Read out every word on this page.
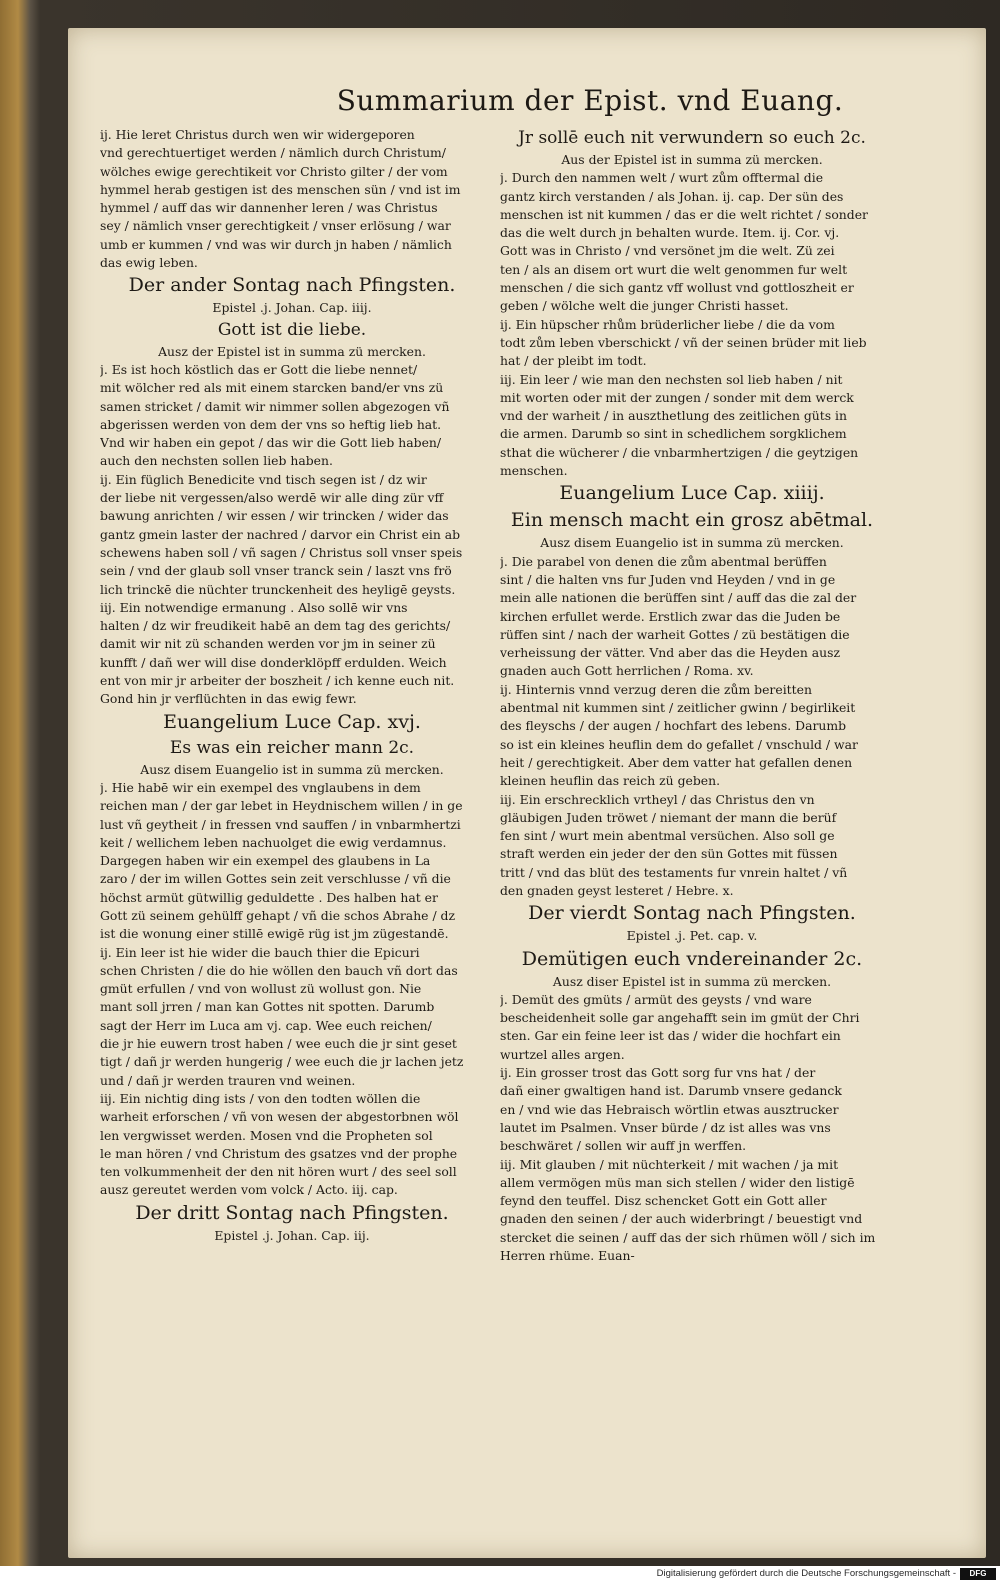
Summarium der Epist. vnd Euang.
ij. Hie leret Christus durch wen wir widergeporen
vnd gerechtuertiget werden / nämlich durch Christum/
wölches ewige gerechtikeit vor Christo gilter / der vom
hymmel herab gestigen ist des menschen sün / vnd ist im
hymmel / auff das wir dannenher leren / was Christus
sey / nämlich vnser gerechtigkeit / vnser erlösung / war
umb er kummen / vnd was wir durch jn haben / nämlich
das ewig leben.
Der ander Sontag nach Pfingsten.
Epistel .j. Johan. Cap. iiij.
Gott ist die liebe.
Ausz der Epistel ist in summa zü mercken.
j. Es ist hoch köstlich das er Gott die liebe nennet/
mit wölcher red als mit einem starcken band/er vns zü
samen stricket / damit wir nimmer sollen abgezogen vñ
abgerissen werden von dem der vns so heftig lieb hat.
Vnd wir haben ein gepot / das wir die Gott lieb haben/
auch den nechsten sollen lieb haben.
ij. Ein füglich Benedicite vnd tisch segen ist / dz wir
der liebe nit vergessen/also werdē wir alle ding zür vff
bawung anrichten / wir essen / wir trincken / wider das
gantz gmein laster der nachred / darvor ein Christ ein ab
schewens haben soll / vñ sagen / Christus soll vnser speis
sein / vnd der glaub soll vnser tranck sein / laszt vns frö
lich trinckē die nüchter trunckenheit des heyligē geysts.
iij. Ein notwendige ermanung . Also sollē wir vns
halten / dz wir freudikeit habē an dem tag des gerichts/
damit wir nit zü schanden werden vor jm in seiner zü
kunfft / dañ wer will dise donderklöpff erdulden. Weich
ent von mir jr arbeiter der boszheit / ich kenne euch nit.
Gond hin jr verflüchten in das ewig fewr.
Euangelium Luce Cap. xvj.
Es was ein reicher mann 2c.
Ausz disem Euangelio ist in summa zü mercken.
j. Hie habē wir ein exempel des vnglaubens in dem
reichen man / der gar lebet in Heydnischem willen / in ge
lust vñ geytheit / in fressen vnd sauffen / in vnbarmhertzi
keit / wellichem leben nachuolget die ewig verdamnus.
Dargegen haben wir ein exempel des glaubens in La
zaro / der im willen Gottes sein zeit verschlusse / vñ die
höchst armüt gütwillig geduldette . Des halben hat er
Gott zü seinem gehülff gehapt / vñ die schos Abrahe / dz
ist die wonung einer stillē ewigē rüg ist jm zügestandē.
ij. Ein leer ist hie wider die bauch thier die Epicuri
schen Christen / die do hie wöllen den bauch vñ dort das
gmüt erfullen / vnd von wollust zü wollust gon. Nie
mant soll jrren / man kan Gottes nit spotten. Darumb
sagt der Herr im Luca am vj. cap. Wee euch reichen/
die jr hie euwern trost haben / wee euch die jr sint geset
tigt / dañ jr werden hungerig / wee euch die jr lachen jetz
und / dañ jr werden trauren vnd weinen.
iij. Ein nichtig ding ists / von den todten wöllen die
warheit erforschen / vñ von wesen der abgestorbnen wöl
len vergwisset werden. Mosen vnd die Propheten sol
le man hören / vnd Christum des gsatzes vnd der prophe
ten volkummenheit der den nit hören wurt / des seel soll
ausz gereutet werden vom volck / Acto. iij. cap.
Der dritt Sontag nach Pfingsten.
Epistel .j. Johan. Cap. iij.
Jr sollē euch nit verwundern so euch 2c.
Aus der Epistel ist in summa zü mercken.
j. Durch den nammen welt / wurt zům offtermal die
gantz kirch verstanden / als Johan. ij. cap. Der sün des
menschen ist nit kummen / das er die welt richtet / sonder
das die welt durch jn behalten wurde. Item. ij. Cor. vj.
Gott was in Christo / vnd versönet jm die welt. Zü zei
ten / als an disem ort wurt die welt genommen fur welt
menschen / die sich gantz vff wollust vnd gottloszheit er
geben / wölche welt die junger Christi hasset.
ij. Ein hüpscher rhům brüderlicher liebe / die da vom
todt zům leben vberschickt / vñ der seinen brüder mit lieb
hat / der pleibt im todt.
iij. Ein leer / wie man den nechsten sol lieb haben / nit
mit worten oder mit der zungen / sonder mit dem werck
vnd der warheit / in auszthetlung des zeitlichen güts in
die armen. Darumb so sint in schedlichem sorgklichem
sthat die wücherer / die vnbarmhertzigen / die geytzigen
menschen.
Euangelium Luce Cap. xiiij.
Ein mensch macht ein grosz abētmal.
Ausz disem Euangelio ist in summa zü mercken.
j. Die parabel von denen die zům abentmal berüffen
sint / die halten vns fur Juden vnd Heyden / vnd in ge
mein alle nationen die berüffen sint / auff das die zal der
kirchen erfullet werde. Erstlich zwar das die Juden be
rüffen sint / nach der warheit Gottes / zü bestätigen die
verheissung der vätter. Vnd aber das die Heyden ausz
gnaden auch Gott herrlichen / Roma. xv.
ij. Hinternis vnnd verzug deren die zům bereitten
abentmal nit kummen sint / zeitlicher gwinn / begirlikeit
des fleyschs / der augen / hochfart des lebens. Darumb
so ist ein kleines heuflin dem do gefallet / vnschuld / war
heit / gerechtigkeit. Aber dem vatter hat gefallen denen
kleinen heuflin das reich zü geben.
iij. Ein erschrecklich vrtheyl / das Christus den vn
gläubigen Juden tröwet / niemant der mann die berüf
fen sint / wurt mein abentmal versüchen. Also soll ge
straft werden ein jeder der den sün Gottes mit füssen
tritt / vnd das blüt des testaments fur vnrein haltet / vñ
den gnaden geyst lesteret / Hebre. x.
Der vierdt Sontag nach Pfingsten.
Epistel .j. Pet. cap. v.
Demütigen euch vndereinander 2c.
Ausz diser Epistel ist in summa zü mercken.
j. Demüt des gmüts / armüt des geysts / vnd ware
bescheidenheit solle gar angehafft sein im gmüt der Chri
sten. Gar ein feine leer ist das / wider die hochfart ein
wurtzel alles argen.
ij. Ein grosser trost das Gott sorg fur vns hat / der
dañ einer gwaltigen hand ist. Darumb vnsere gedanck
en / vnd wie das Hebraisch wörtlin etwas ausztrucker
lautet im Psalmen. Vnser bürde / dz ist alles was vns
beschwäret / sollen wir auff jn werffen.
iij. Mit glauben / mit nüchterkeit / mit wachen / ja mit
allem vermögen müs man sich stellen / wider den listigē
feynd den teuffel. Disz schencket Gott ein Gott aller
gnaden den seinen / der auch widerbringt / beuestigt vnd
stercket die seinen / auff das der sich rhümen wöll / sich im
Herren rhüme. Euan-
Digitalisierung gefördert durch die Deutsche Forschungsgemeinschaft -	DFG
